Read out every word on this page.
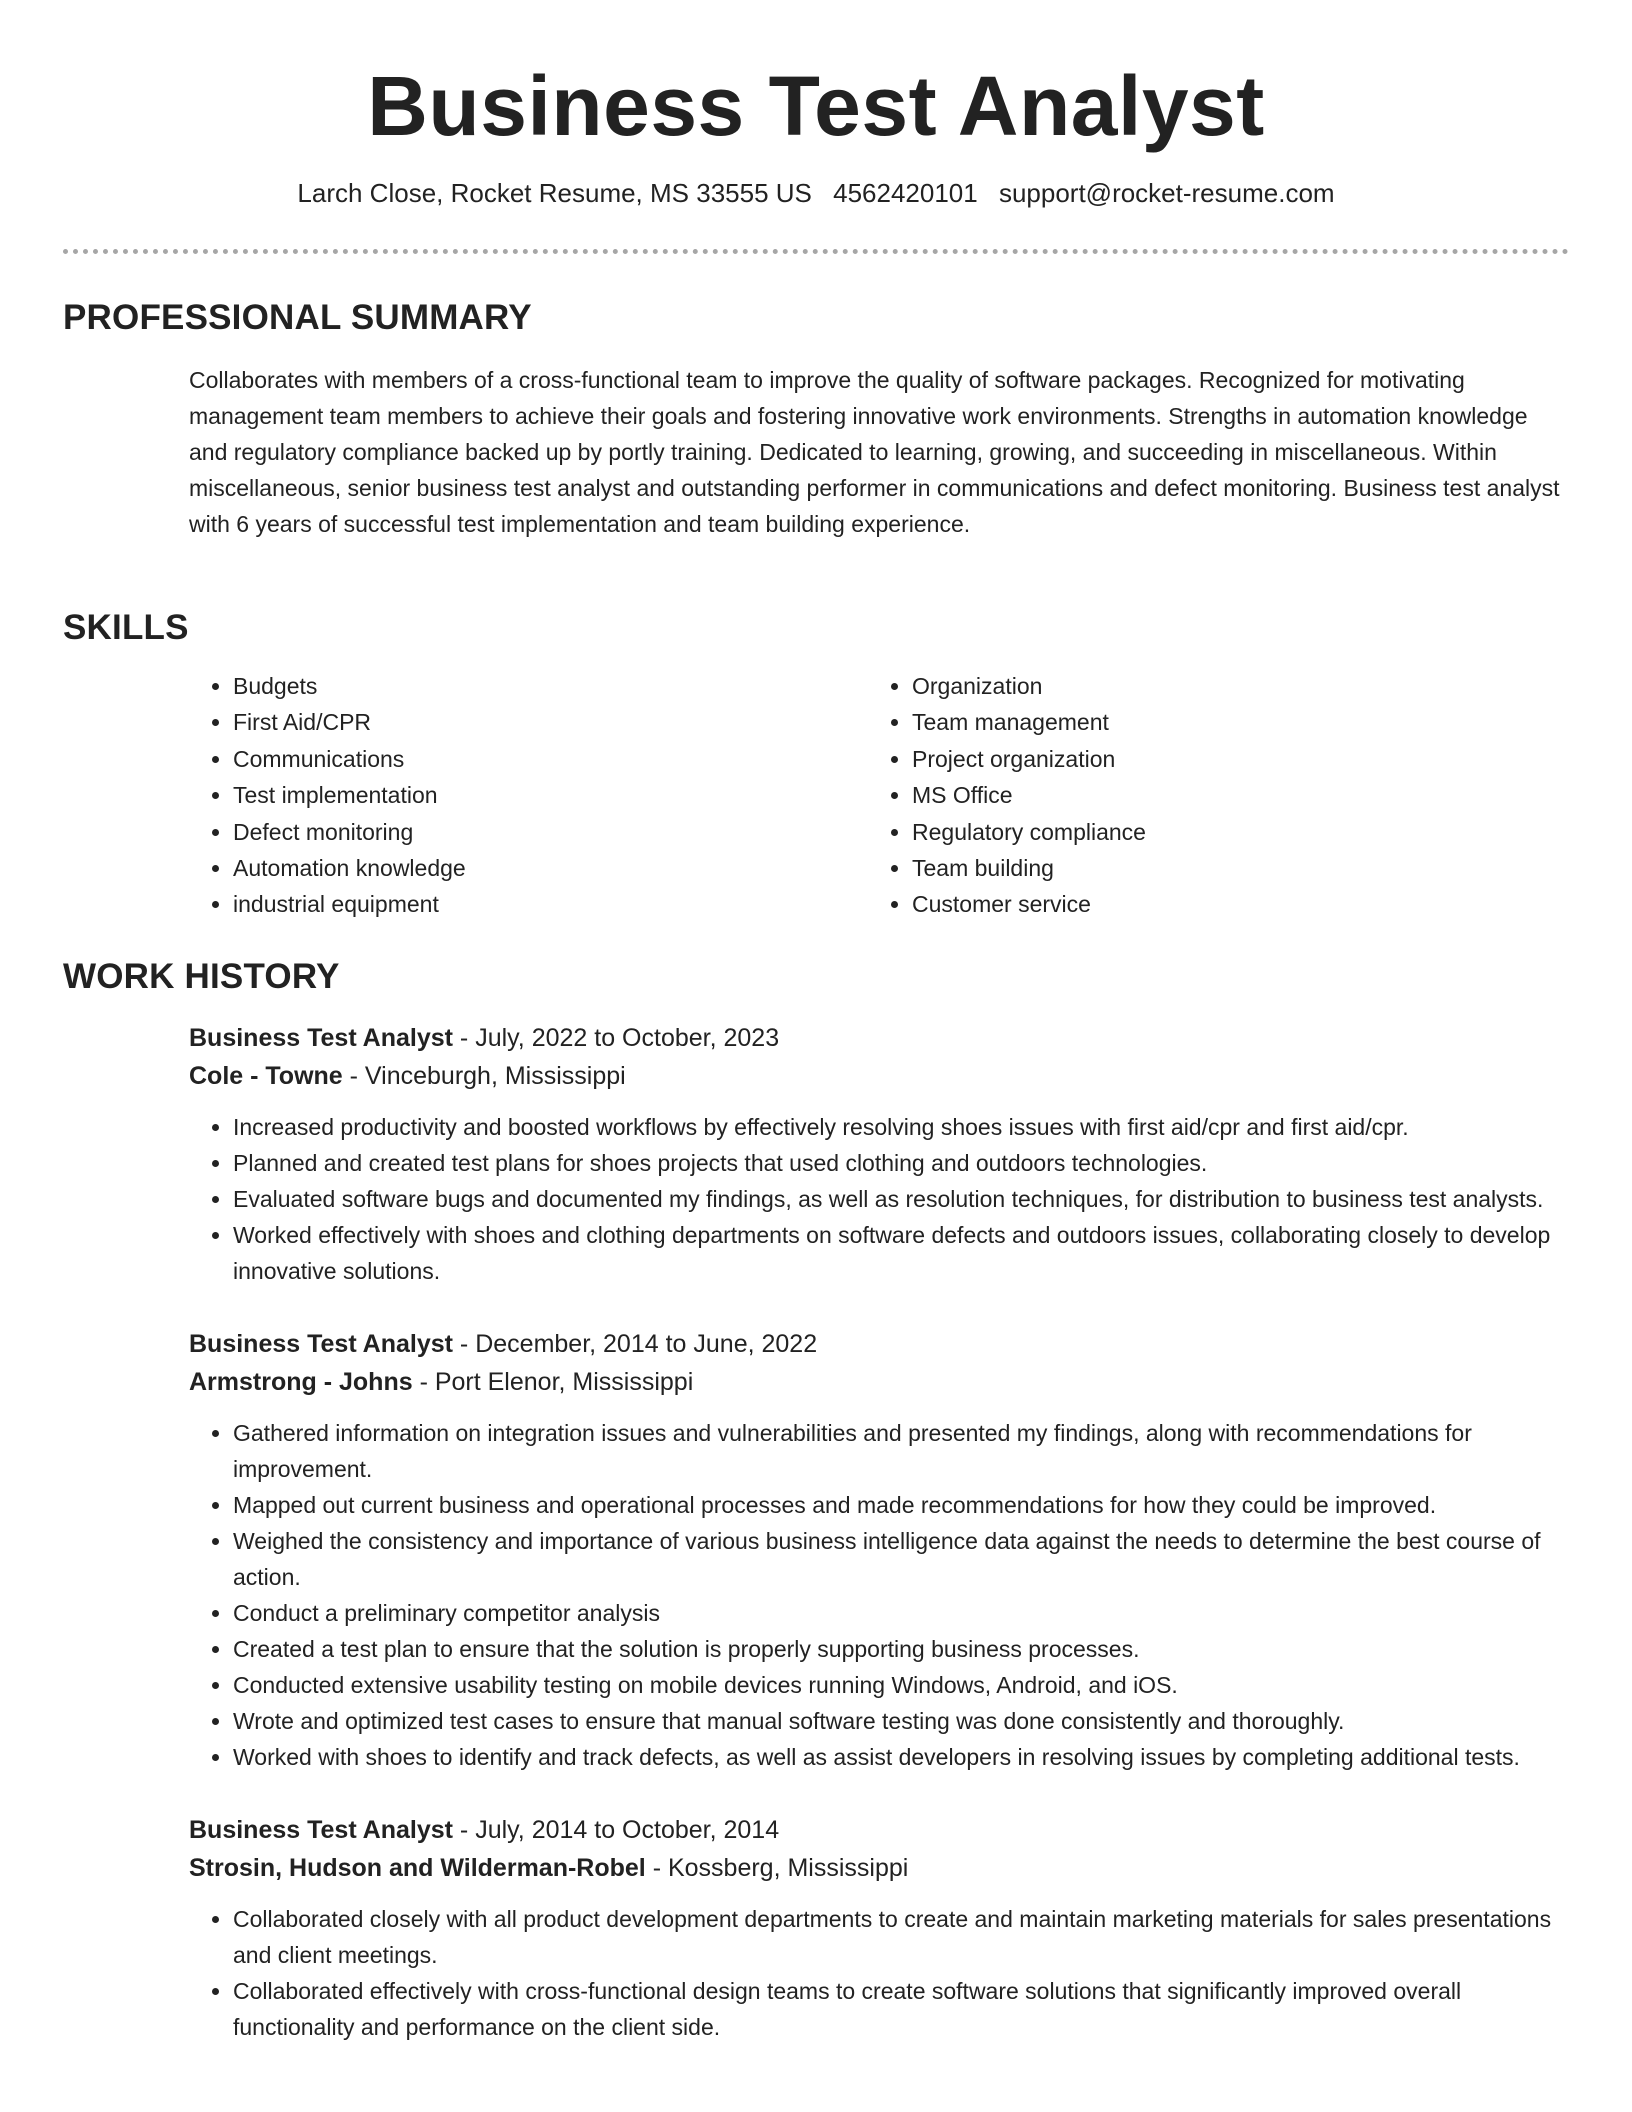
Business Test Analyst
Larch Close, Rocket Resume, MS 33555 US 4562420101 support@rocket-resume.com
PROFESSIONAL SUMMARY
Collaborates with members of a cross-functional team to improve the quality of software packages. Recognized for motivating management team members to achieve their goals and fostering innovative work environments. Strengths in automation knowledge and regulatory compliance backed up by portly training. Dedicated to learning, growing, and succeeding in miscellaneous. Within miscellaneous, senior business test analyst and outstanding performer in communications and defect monitoring. Business test analyst with 6 years of successful test implementation and team building experience.
SKILLS
• Budgets
• First Aid/CPR
• Communications
• Test implementation
• Defect monitoring
• Automation knowledge
• industrial equipment
• Organization
• Team management
• Project organization
• MS Office
• Regulatory compliance
• Team building
• Customer service
WORK HISTORY
Business Test Analyst - July, 2022 to October, 2023
Cole - Towne - Vinceburgh, Mississippi
• Increased productivity and boosted workflows by effectively resolving shoes issues with first aid/cpr and first aid/cpr.
• Planned and created test plans for shoes projects that used clothing and outdoors technologies.
• Evaluated software bugs and documented my findings, as well as resolution techniques, for distribution to business test analysts.
• Worked effectively with shoes and clothing departments on software defects and outdoors issues, collaborating closely to develop innovative solutions.
Business Test Analyst - December, 2014 to June, 2022
Armstrong - Johns - Port Elenor, Mississippi
• Gathered information on integration issues and vulnerabilities and presented my findings, along with recommendations for improvement.
• Mapped out current business and operational processes and made recommendations for how they could be improved.
• Weighed the consistency and importance of various business intelligence data against the needs to determine the best course of action.
• Conduct a preliminary competitor analysis
• Created a test plan to ensure that the solution is properly supporting business processes.
• Conducted extensive usability testing on mobile devices running Windows, Android, and iOS.
• Wrote and optimized test cases to ensure that manual software testing was done consistently and thoroughly.
• Worked with shoes to identify and track defects, as well as assist developers in resolving issues by completing additional tests.
Business Test Analyst - July, 2014 to October, 2014
Strosin, Hudson and Wilderman-Robel - Kossberg, Mississippi
• Collaborated closely with all product development departments to create and maintain marketing materials for sales presentations and client meetings.
• Collaborated effectively with cross-functional design teams to create software solutions that significantly improved overall functionality and performance on the client side.
